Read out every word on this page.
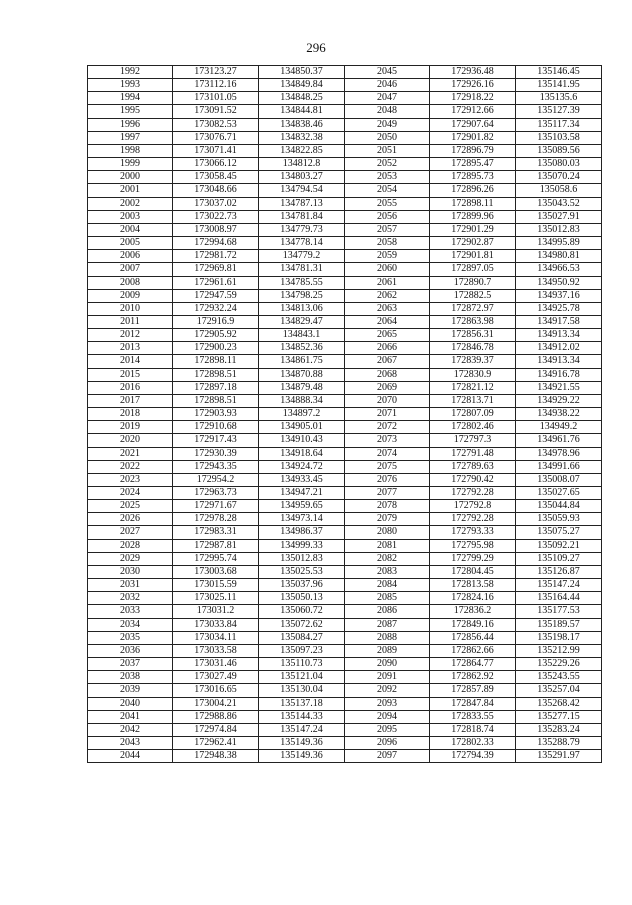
296
1992	173123.27	134850.37	2045	172936.48	135146.45
1993	173112.16	134849.84	2046	172926.16	135141.95
1994	173101.05	134848.25	2047	172918.22	135135.6
1995	173091.52	134844.81	2048	172912.66	135127.39
1996	173082.53	134838.46	2049	172907.64	135117.34
1997	173076.71	134832.38	2050	172901.82	135103.58
1998	173071.41	134822.85	2051	172896.79	135089.56
1999	173066.12	134812.8	2052	172895.47	135080.03
2000	173058.45	134803.27	2053	172895.73	135070.24
2001	173048.66	134794.54	2054	172896.26	135058.6
2002	173037.02	134787.13	2055	172898.11	135043.52
2003	173022.73	134781.84	2056	172899.96	135027.91
2004	173008.97	134779.73	2057	172901.29	135012.83
2005	172994.68	134778.14	2058	172902.87	134995.89
2006	172981.72	134779.2	2059	172901.81	134980.81
2007	172969.81	134781.31	2060	172897.05	134966.53
2008	172961.61	134785.55	2061	172890.7	134950.92
2009	172947.59	134798.25	2062	172882.5	134937.16
2010	172932.24	134813.06	2063	172872.97	134925.78
2011	172916.9	134829.47	2064	172863.98	134917.58
2012	172905.92	134843.1	2065	172856.31	134913.34
2013	172900.23	134852.36	2066	172846.78	134912.02
2014	172898.11	134861.75	2067	172839.37	134913.34
2015	172898.51	134870.88	2068	172830.9	134916.78
2016	172897.18	134879.48	2069	172821.12	134921.55
2017	172898.51	134888.34	2070	172813.71	134929.22
2018	172903.93	134897.2	2071	172807.09	134938.22
2019	172910.68	134905.01	2072	172802.46	134949.2
2020	172917.43	134910.43	2073	172797.3	134961.76
2021	172930.39	134918.64	2074	172791.48	134978.96
2022	172943.35	134924.72	2075	172789.63	134991.66
2023	172954.2	134933.45	2076	172790.42	135008.07
2024	172963.73	134947.21	2077	172792.28	135027.65
2025	172971.67	134959.65	2078	172792.8	135044.84
2026	172978.28	134973.14	2079	172792.28	135059.93
2027	172983.31	134986.37	2080	172793.33	135075.27
2028	172987.81	134999.33	2081	172795.98	135092.21
2029	172995.74	135012.83	2082	172799.29	135109.27
2030	173003.68	135025.53	2083	172804.45	135126.87
2031	173015.59	135037.96	2084	172813.58	135147.24
2032	173025.11	135050.13	2085	172824.16	135164.44
2033	173031.2	135060.72	2086	172836.2	135177.53
2034	173033.84	135072.62	2087	172849.16	135189.57
2035	173034.11	135084.27	2088	172856.44	135198.17
2036	173033.58	135097.23	2089	172862.66	135212.99
2037	173031.46	135110.73	2090	172864.77	135229.26
2038	173027.49	135121.04	2091	172862.92	135243.55
2039	173016.65	135130.04	2092	172857.89	135257.04
2040	173004.21	135137.18	2093	172847.84	135268.42
2041	172988.86	135144.33	2094	172833.55	135277.15
2042	172974.84	135147.24	2095	172818.74	135283.24
2043	172962.41	135149.36	2096	172802.33	135288.79
2044	172948.38	135149.36	2097	172794.39	135291.97
